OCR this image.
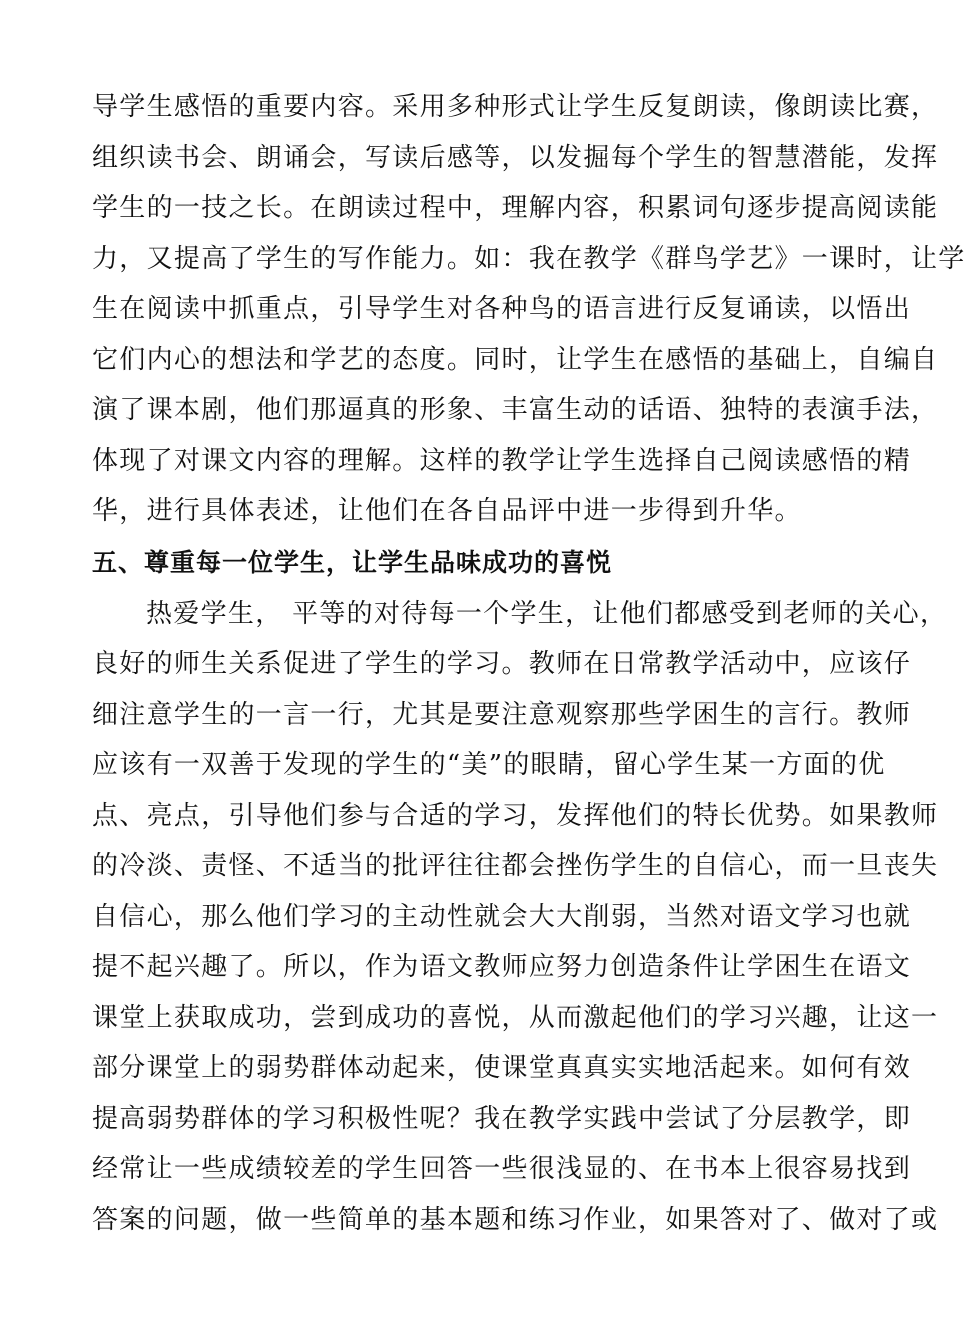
导学生感悟的重要内容。采用多种形式让学生反复朗读，像朗读比赛，
组织读书会、朗诵会，写读后感等，以发掘每个学生的智慧潜能，发挥
学生的一技之长。在朗读过程中，理解内容，积累词句逐步提高阅读能
力，又提高了学生的写作能力。如：我在教学《群鸟学艺》一课时，让学
生在阅读中抓重点，引导学生对各种鸟的语言进行反复诵读，以悟出
它们内心的想法和学艺的态度。同时，让学生在感悟的基础上，自编自
演了课本剧，他们那逼真的形象、丰富生动的话语、独特的表演手法，
体现了对课文内容的理解。这样的教学让学生选择自己阅读感悟的精
华，进行具体表述，让他们在各自品评中进一步得到升华。
五、尊重每一位学生，让学生品味成功的喜悦
热爱学生， 平等的对待每一个学生，让他们都感受到老师的关心，
良好的师生关系促进了学生的学习。教师在日常教学活动中，应该仔
细注意学生的一言一行，尤其是要注意观察那些学困生的言行。教师
应该有一双善于发现的学生的“美”的眼睛，留心学生某一方面的优
点、亮点，引导他们参与合适的学习，发挥他们的特长优势。如果教师
的冷淡、责怪、不适当的批评往往都会挫伤学生的自信心，而一旦丧失
自信心，那么他们学习的主动性就会大大削弱，当然对语文学习也就
提不起兴趣了。所以，作为语文教师应努力创造条件让学困生在语文
课堂上获取成功，尝到成功的喜悦，从而激起他们的学习兴趣，让这一
部分课堂上的弱势群体动起来，使课堂真真实实地活起来。如何有效
提高弱势群体的学习积极性呢？我在教学实践中尝试了分层教学，即
经常让一些成绩较差的学生回答一些很浅显的、在书本上很容易找到
答案的问题，做一些简单的基本题和练习作业，如果答对了、做对了或
